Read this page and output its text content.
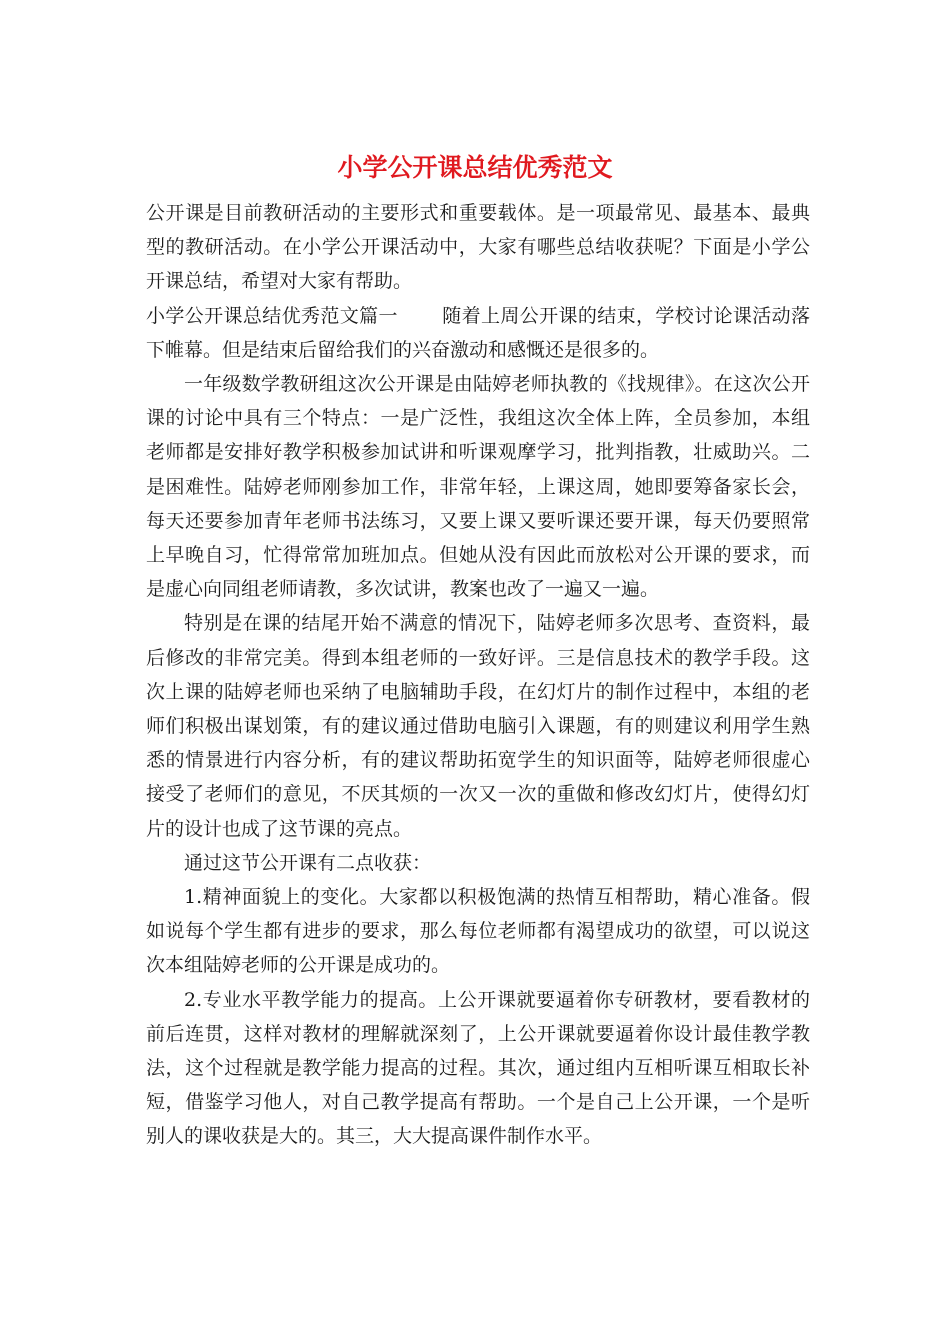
小学公开课总结优秀范文

公开课是目前教研活动的主要形式和重要载体。是一项最常见、最基本、最典型的教研活动。在小学公开课活动中，大家有哪些总结收获呢？下面是小学公开课总结，希望对大家有帮助。

小学公开课总结优秀范文篇一 随着上周公开课的结束，学校讨论课活动落下帷幕。但是结束后留给我们的兴奋激动和感慨还是很多的。

一年级数学教研组这次公开课是由陆婷老师执教的《找规律》。在这次公开课的讨论中具有三个特点：一是广泛性，我组这次全体上阵，全员参加，本组老师都是安排好教学积极参加试讲和听课观摩学习，批判指教，壮威助兴。二是困难性。陆婷老师刚参加工作，非常年轻，上课这周，她即要筹备家长会，每天还要参加青年老师书法练习，又要上课又要听课还要开课，每天仍要照常上早晚自习，忙得常常加班加点。但她从没有因此而放松对公开课的要求，而是虚心向同组老师请教，多次试讲，教案也改了一遍又一遍。

特别是在课的结尾开始不满意的情况下，陆婷老师多次思考、查资料，最后修改的非常完美。得到本组老师的一致好评。三是信息技术的教学手段。这次上课的陆婷老师也采纳了电脑辅助手段，在幻灯片的制作过程中，本组的老师们积极出谋划策，有的建议通过借助电脑引入课题，有的则建议利用学生熟悉的情景进行内容分析，有的建议帮助拓宽学生的知识面等，陆婷老师很虚心接受了老师们的意见，不厌其烦的一次又一次的重做和修改幻灯片，使得幻灯片的设计也成了这节课的亮点。

通过这节公开课有二点收获：

1.精神面貌上的变化。大家都以积极饱满的热情互相帮助，精心准备。假如说每个学生都有进步的要求，那么每位老师都有渴望成功的欲望，可以说这次本组陆婷老师的公开课是成功的。

2.专业水平教学能力的提高。上公开课就要逼着你专研教材，要看教材的前后连贯，这样对教材的理解就深刻了，上公开课就要逼着你设计最佳教学教法，这个过程就是教学能力提高的过程。其次，通过组内互相听课互相取长补短，借鉴学习他人，对自己教学提高有帮助。一个是自己上公开课，一个是听别人的课收获是大的。其三，大大提高课件制作水平。
